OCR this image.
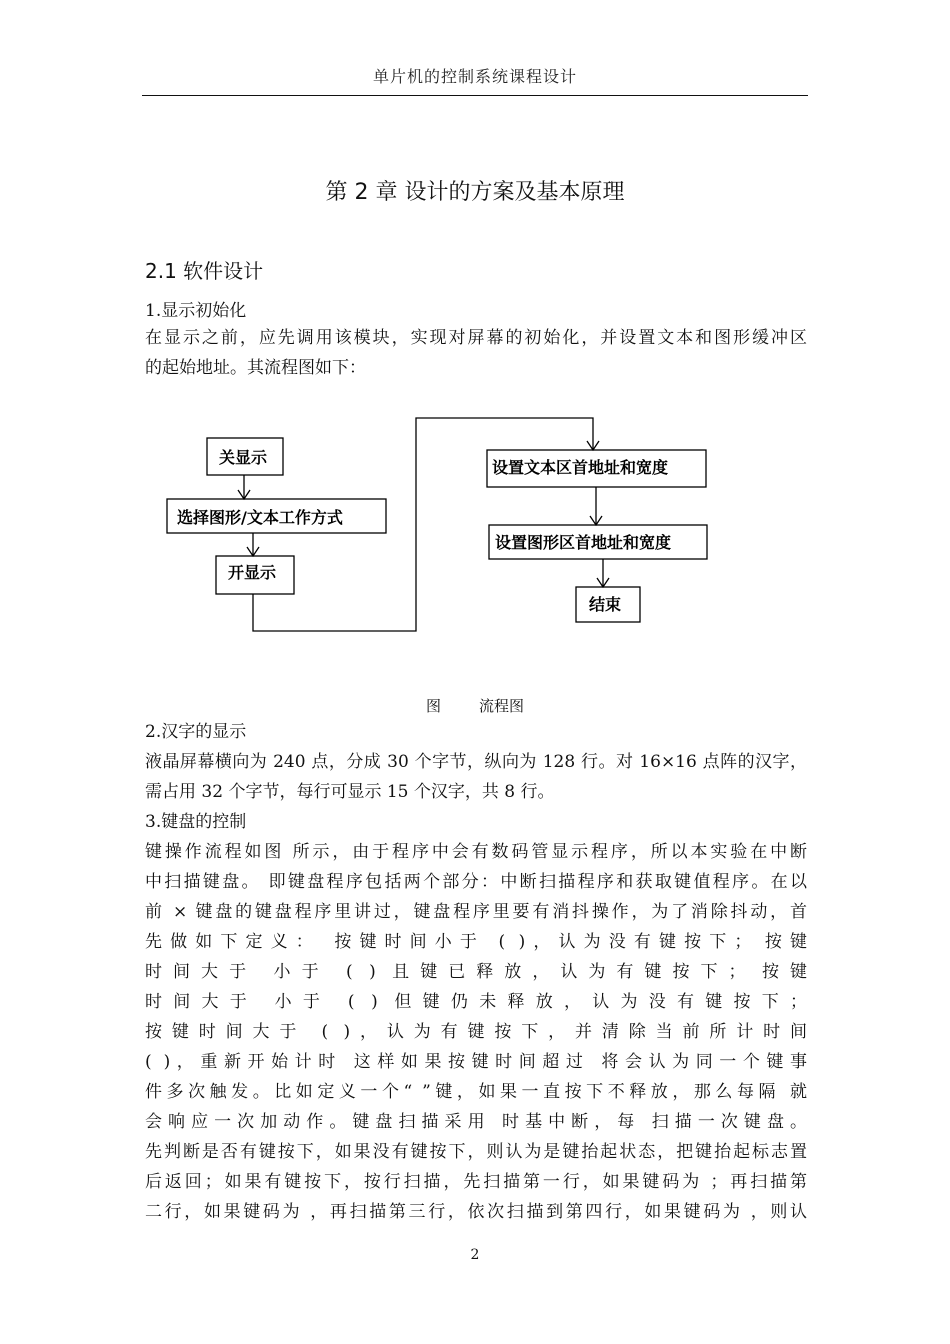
单片机的控制系统课程设计
第 2 章 设计的方案及基本原理
2.1 软件设计
1.显示初始化
在显示之前，应先调用该模块，实现对屏幕的初始化，并设置文本和图形缓冲区
的起始地址。其流程图如下：
关显示
选择图形/文本工作方式
开显示
设置文本区首地址和宽度
设置图形区首地址和宽度
结束
图	流程图
2.汉字的显示
液晶屏幕横向为 240 点，分成 30 个字节，纵向为 128 行。对 16×16 点阵的汉字，
需占用 32 个字节，每行可显示 15 个汉字，共 8 行。
3.键盘的控制
键操作流程如图 所示，由于程序中会有数码管显示程序，所以本实验在中断
中扫描键盘。 即键盘程序包括两个部分：中断扫描程序和获取键值程序。在以
前 × 键盘的键盘程序里讲过，键盘程序里要有消抖操作，为了消除抖动，首
先做如下定义： 按键时间小于 ( )，认为没有键按下； 按键
时间大于 小于 ( ) 且键已释放，认为有键按下； 按键
时间大于 小于 ( ) 但键仍未释放，认为没有键按下；
按键时间大于 ( )，认为有键按下，并清除当前所计时间
( )，重新开始计时 这样如果按键时间超过 将会认为同一个键事
件多次触发。比如定义一个“ ”键，如果一直按下不释放，那么每隔 就
会响应一次加动作。键盘扫描采用 时基中断，每 扫描一次键盘。
先判断是否有键按下，如果没有键按下，则认为是键抬起状态，把键抬起标志置
后返回；如果有键按下，按行扫描，先扫描第一行，如果键码为 ；再扫描第
二行，如果键码为 ，再扫描第三行，依次扫描到第四行，如果键码为 ，则认
2
